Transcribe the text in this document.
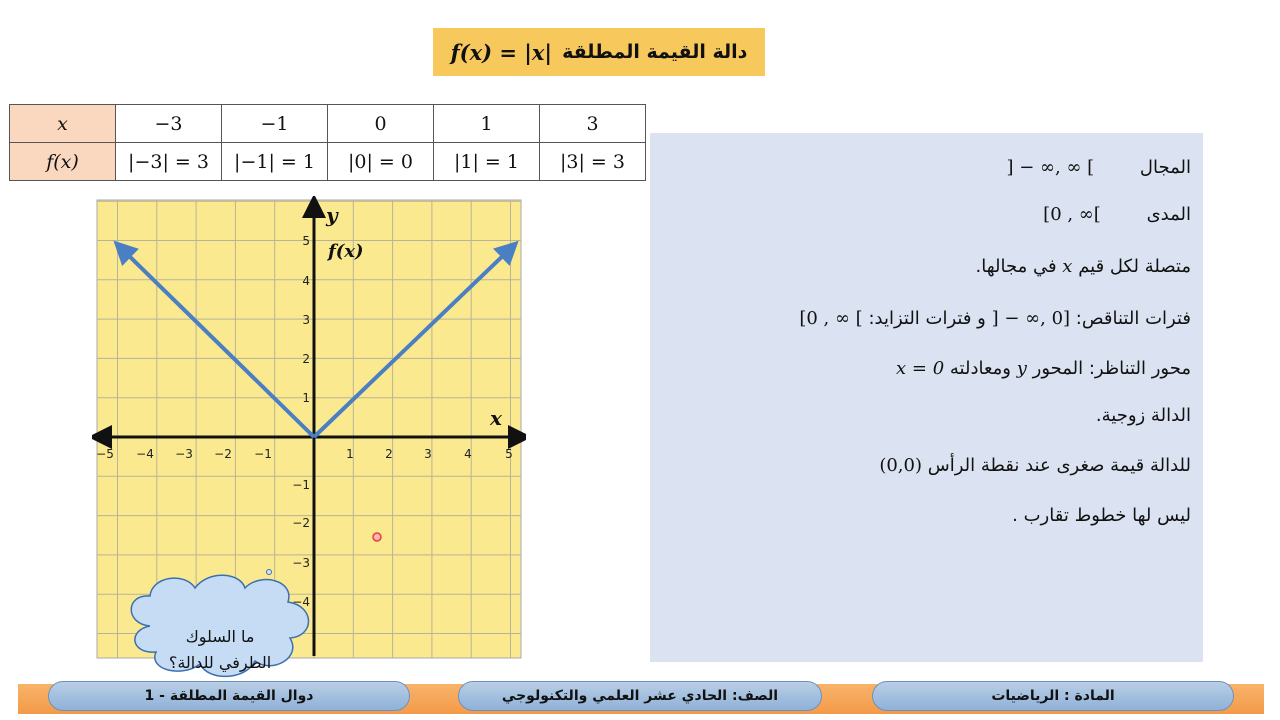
دالة القيمة المطلقة
f(x) = |x|
x	−3	−1	0	1	3
f(x)	|−3| = 3	|−1| = 1	|0| = 0	|1| = 1	|3| = 3
−5 −4 −3 −2 −1	1	2	3	4	5
5
4
3
2
1
−1
−2
−3
−4
y
x
f(x)
ما السلوك
الطرفي للدالة؟
المجال ] − ∞, ∞ [
المدى [0 , ∞[
متصلة لكل قيم x في مجالها.
فترات التناقص: ] − ∞, 0] و فترات التزايد: [0 , ∞ [
محور التناظر: المحور y ومعادلته x = 0
الدالة زوجية.
للدالة قيمة صغرى عند نقطة الرأس (0,0)
ليس لها خطوط تقارب .
دوال القيمة المطلقة - 1	الصف: الحادي عشر العلمي والتكنولوجي	المادة : الرياضيات
